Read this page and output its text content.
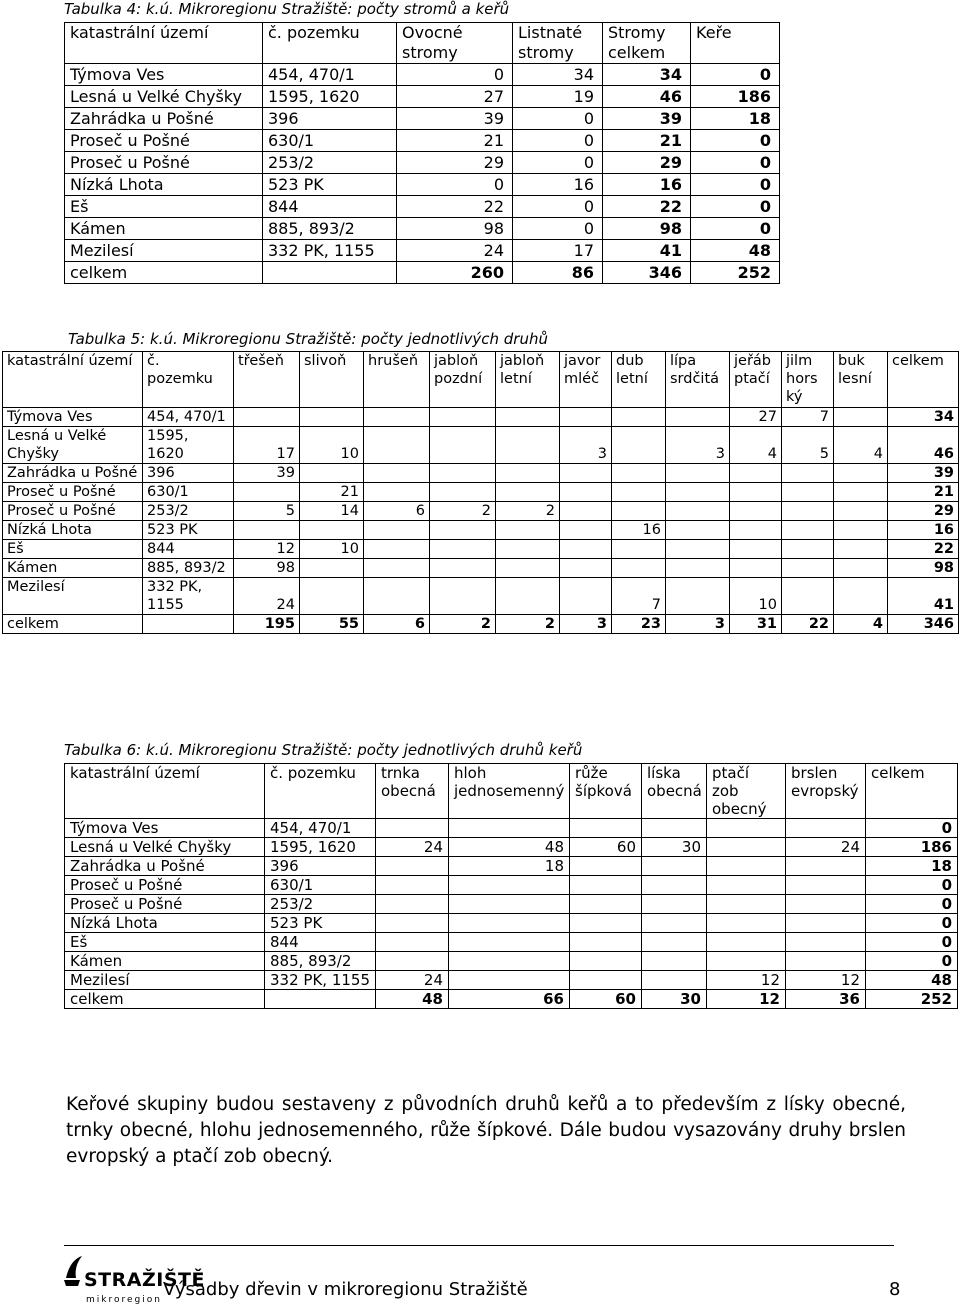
Tabulka 4: k.ú. Mikroregionu Stražiště: počty stromů a keřů
katastrální území	č. pozemku	Ovocné stromy	Listnaté stromy	Stromy celkem	Keře
Týmova Ves	454, 470/1	0	34	34	0
Lesná u Velké Chyšky	1595, 1620	27	19	46	186
Zahrádka u Pošné	396	39	0	39	18
Proseč u Pošné	630/1	21	0	21	0
Proseč u Pošné	253/2	29	0	29	0
Nízká Lhota	523 PK	0	16	16	0
Eš	844	22	0	22	0
Kámen	885, 893/2	98	0	98	0
Mezilesí	332 PK, 1155	24	17	41	48
celkem		260	86	346	252
Tabulka 5: k.ú. Mikroregionu Stražiště: počty jednotlivých druhů
katastrální území	č. pozemku	třešeň	slivoň	hrušeň	jabloň pozdní	jabloň letní	javor mléč	dub letní	lípa srdčitá	jeřáb ptačí	jilm hors ký	buk lesní	celkem
Týmova Ves	454, 470/1									27	7		34
Lesná u Velké Chyšky	1595, 1620	17	10				3		3	4	5	4	46
Zahrádka u Pošné	396	39											39
Proseč u Pošné	630/1		21										21
Proseč u Pošné	253/2	5	14	6	2	2							29
Nízká Lhota	523 PK							16					16
Eš	844	12	10										22
Kámen	885, 893/2	98											98
Mezilesí	332 PK, 1155	24						7		10			41
celkem		195	55	6	2	2	3	23	3	31	22	4	346
Tabulka 6: k.ú. Mikroregionu Stražiště: počty jednotlivých druhů keřů
katastrální území	č. pozemku	trnka obecná	hloh jednosemenný	růže šípková	líska obecná	ptačí zob obecný	brslen evropský	celkem
Týmova Ves	454, 470/1							0
Lesná u Velké Chyšky	1595, 1620	24	48	60	30		24	186
Zahrádka u Pošné	396		18					18
Proseč u Pošné	630/1							0
Proseč u Pošné	253/2							0
Nízká Lhota	523 PK							0
Eš	844							0
Kámen	885, 893/2							0
Mezilesí	332 PK, 1155	24				12	12	48
celkem		48	66	60	30	12	36	252
Keřové skupiny budou sestaveny z původních druhů keřů a to především z lísky obecné, trnky obecné, hlohu jednosemenného, růže šípkové. Dále budou vysazovány druhy brslen evropský a ptačí zob obecný.
STRAŽIŠTĚ
mikroregion Výsadby dřevin v mikroregionu Stražiště	8
